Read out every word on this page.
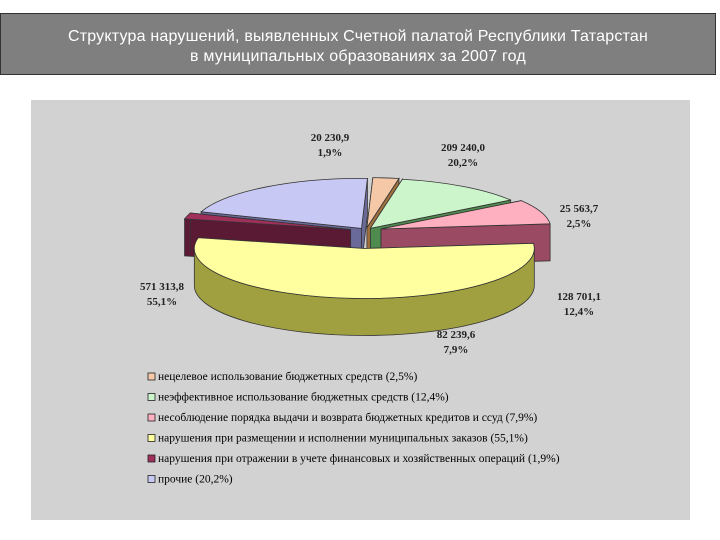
Структура нарушений, выявленных Счетной палатой Республики Татарстан
в муниципальных образованиях за 2007 год
25 563,7 2,5%
128 701,1 12,4%
82 239,6 7,9%
571 313,8 55,1%
20 230,9 1,9%	209 240,0 20,2%
нецелевое использование бюджетных средств (2,5%)
неэффективное использование бюджетных средств (12,4%)
несоблюдение порядка выдачи и возврата бюджетных кредитов и ссуд (7,9%)
нарушения при размещении и исполнении муниципальных заказов (55,1%)
нарушения при отражении в учете финансовых и хозяйственных операций (1,9%)
прочие (20,2%)
